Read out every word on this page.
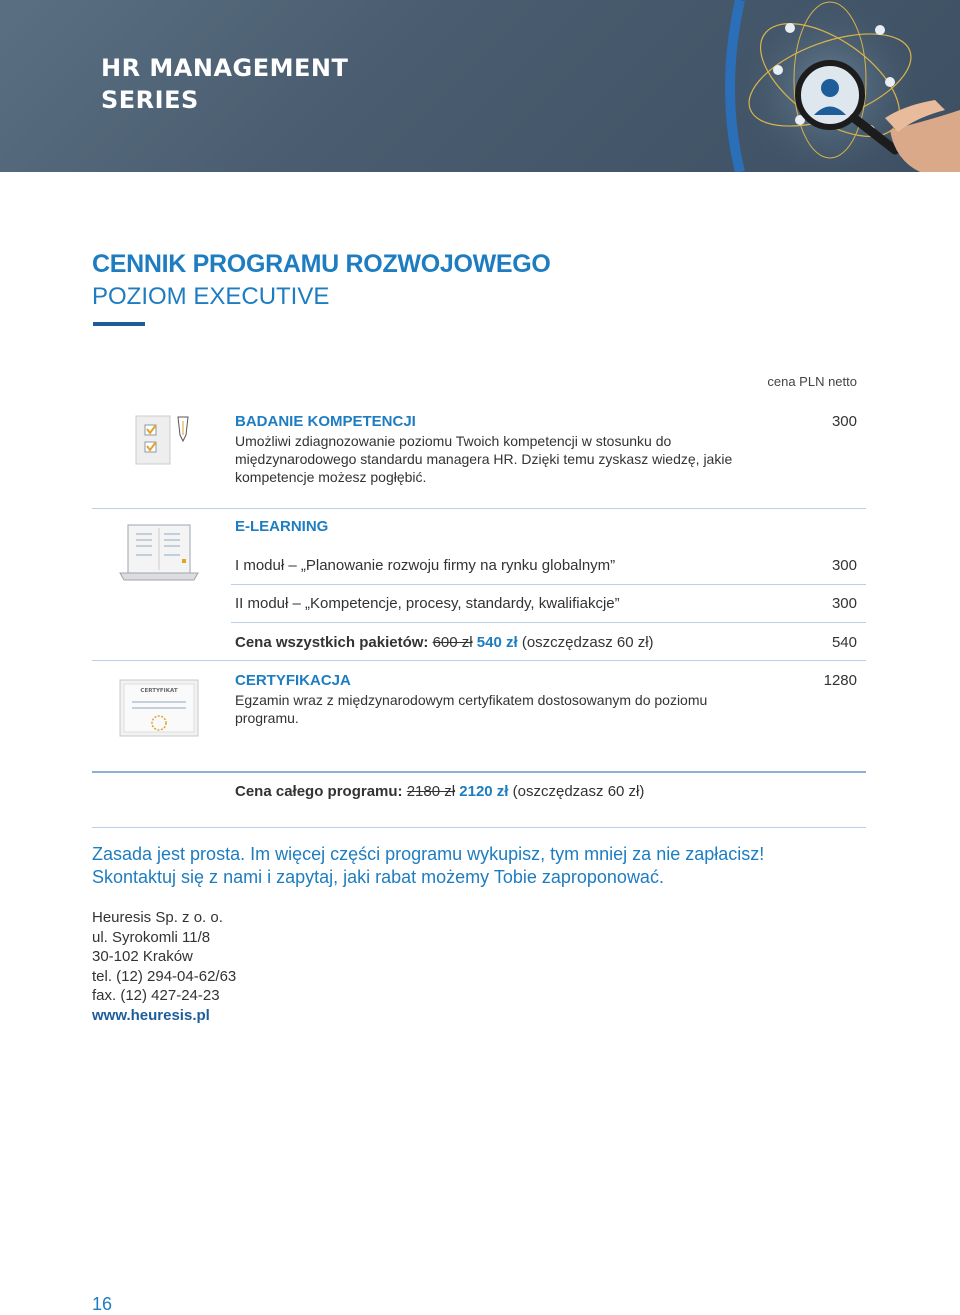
HR MANAGEMENT
SERIES
CENNIK PROGRAMU ROZWOJOWEGO
POZIOM EXECUTIVE
cena PLN netto
BADANIE KOMPETENCJI
Umożliwi zdiagnozowanie poziomu Twoich kompetencji w stosunku do międzynarodowego standardu managera HR. Dzięki temu zyskasz wiedzę, jakie kompetencje możesz pogłębić.
300
E-LEARNING
I moduł – „Planowanie rozwoju firmy na rynku globalnym”	300
II moduł – „Kompetencje, procesy, standardy, kwalifiakcje”	300
Cena wszystkich pakietów: 600 zł 540 zł (oszczędzasz 60 zł)	540
CERTYFIKAT
CERTYFIKACJA
Egzamin wraz z międzynarodowym certyfikatem dostosowanym do poziomu programu.
1280
Cena całego programu: 2180 zł 2120 zł (oszczędzasz 60 zł)
Zasada jest prosta. Im więcej części programu wykupisz, tym mniej za nie zapłacisz!
Skontaktuj się z nami i zapytaj, jaki rabat możemy Tobie zaproponować.
Heuresis Sp. z o. o.
ul. Syrokomli 11/8
30-102 Kraków
tel. (12) 294-04-62/63
fax. (12) 427-24-23
www.heuresis.pl
16
